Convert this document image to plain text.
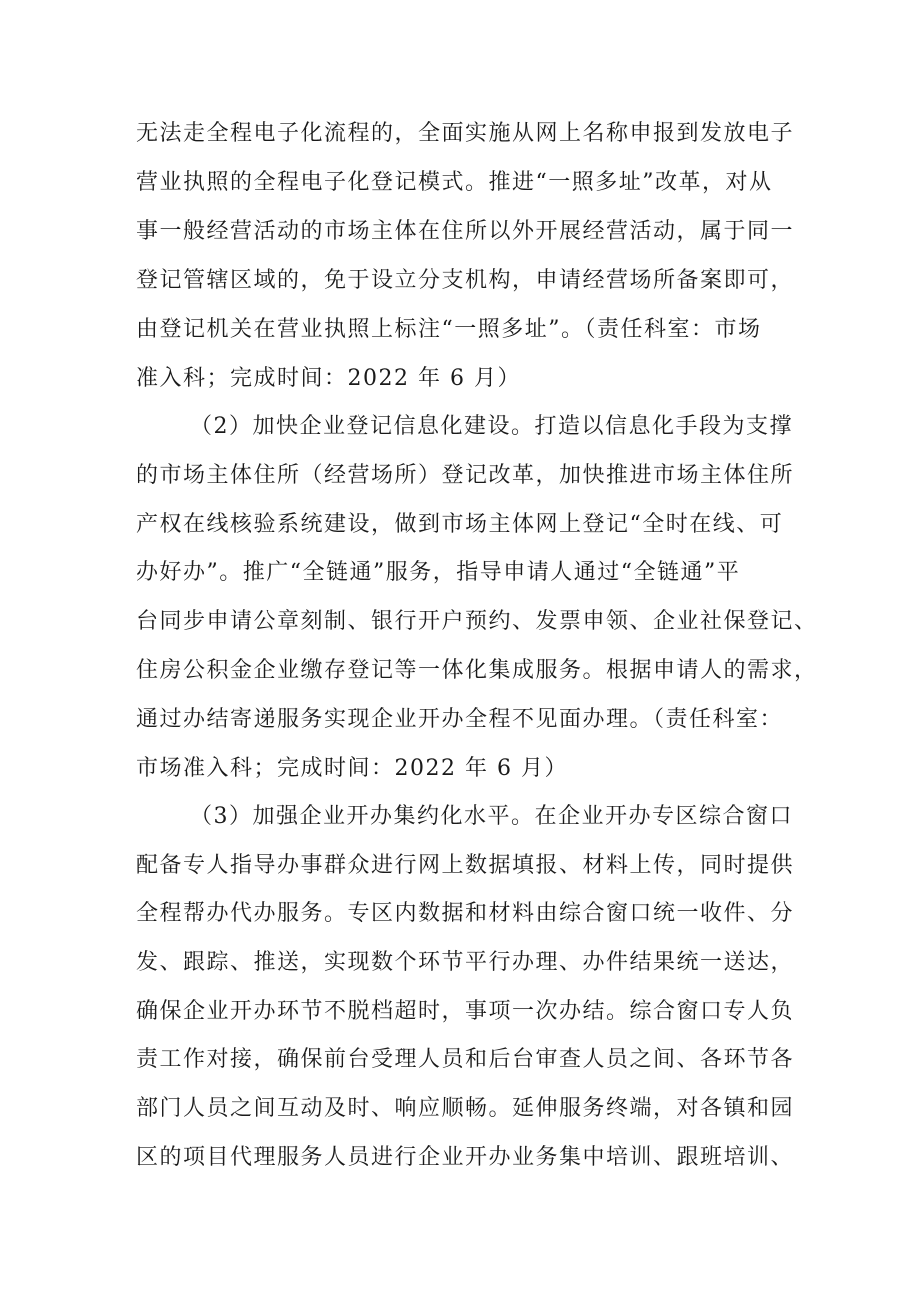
无法走全程电子化流程的，全面实施从网上名称申报到发放电子
营业执照的全程电子化登记模式。推进“一照多址”改革，对从
事一般经营活动的市场主体在住所以外开展经营活动，属于同一
登记管辖区域的，免于设立分支机构，申请经营场所备案即可，
由登记机关在营业执照上标注“一照多址”。（责任科室：市场
准入科；完成时间：2022 年 6 月）
（2）加快企业登记信息化建设。打造以信息化手段为支撑
的市场主体住所（经营场所）登记改革，加快推进市场主体住所
产权在线核验系统建设，做到市场主体网上登记“全时在线、可
办好办”。推广“全链通”服务，指导申请人通过“全链通”平
台同步申请公章刻制、银行开户预约、发票申领、企业社保登记、
住房公积金企业缴存登记等一体化集成服务。根据申请人的需求，
通过办结寄递服务实现企业开办全程不见面办理。（责任科室：
市场准入科；完成时间：2022 年 6 月）
（3）加强企业开办集约化水平。在企业开办专区综合窗口
配备专人指导办事群众进行网上数据填报、材料上传，同时提供
全程帮办代办服务。专区内数据和材料由综合窗口统一收件、分
发、跟踪、推送，实现数个环节平行办理、办件结果统一送达，
确保企业开办环节不脱档超时，事项一次办结。综合窗口专人负
责工作对接，确保前台受理人员和后台审查人员之间、各环节各
部门人员之间互动及时、响应顺畅。延伸服务终端，对各镇和园
区的项目代理服务人员进行企业开办业务集中培训、跟班培训、
